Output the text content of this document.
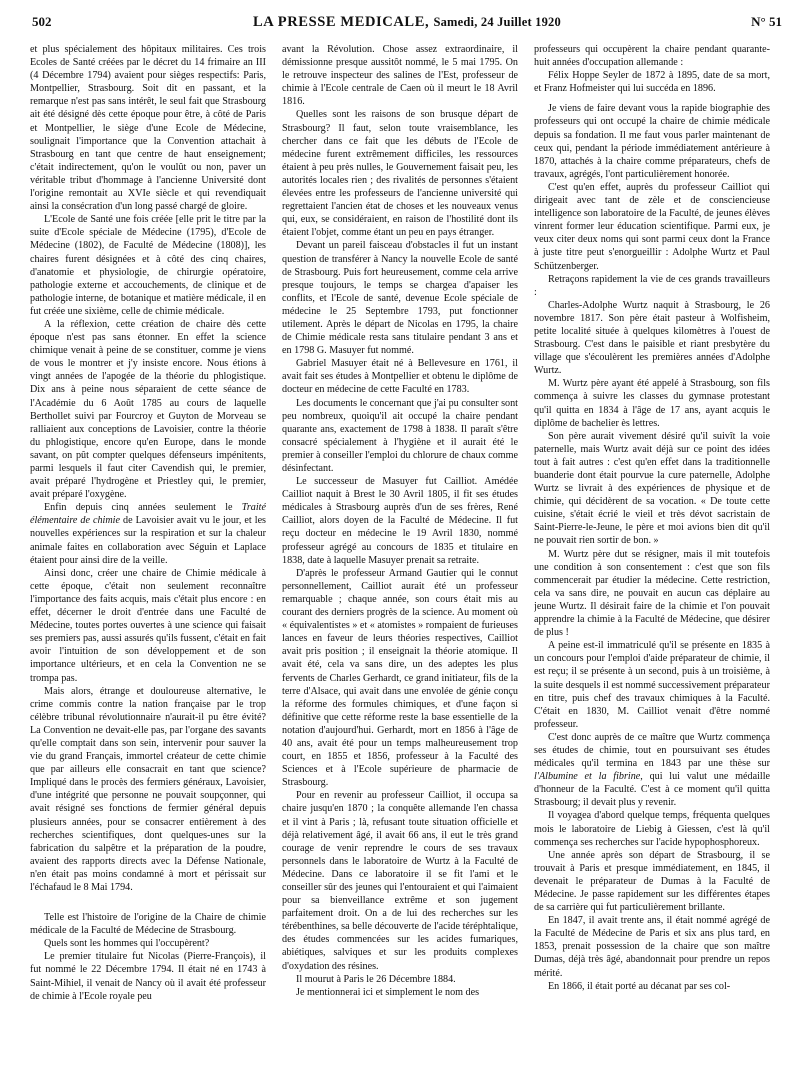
502	LA PRESSE MEDICALE, Samedi, 24 Juillet 1920	N° 51

et plus spécialement des hôpitaux militaires. Ces trois Ecoles de Santé créées par le décret du 14 frimaire an III (4 Décembre 1794) avaient pour sièges respectifs: Paris, Montpellier, Strasbourg. Soit dit en passant, et la remarque n'est pas sans intérêt, le seul fait que Strasbourg ait été désigné dès cette époque pour être, à côté de Paris et Montpellier, le siège d'une Ecole de Médecine, soulignait l'importance que la Convention attachait à Strasbourg en tant que centre de haut enseignement; c'était indirectement, qu'on le voulût ou non, paver un véritable tribut d'hommage à l'ancienne Université dont l'origine remontait au XVIe siècle et qui revendiquait ainsi la consécration d'un long passé chargé de gloire.

L'Ecole de Santé une fois créée [elle prit le titre par la suite d'Ecole spéciale de Médecine (1795), d'Ecole de Médecine (1802), de Faculté de Médecine (1808)], les chaires furent désignées et à côté des cinq chaires, d'anatomie et physiologie, de chirurgie opératoire, pathologie externe et accouchements, de clinique et de pathologie interne, de botanique et matière médicale, il en fut créée une sixième, celle de chimie médicale.

A la réflexion, cette création de chaire dès cette époque n'est pas sans étonner. En effet la science chimique venait à peine de se constituer, comme je viens de vous le montrer et j'y insiste encore. Nous étions à vingt années de l'apogée de la théorie du phlogistique. Dix ans à peine nous séparaient de cette séance de l'Académie du 6 Août 1785 au cours de laquelle Berthollet suivi par Fourcroy et Guyton de Morveau se ralliaient aux conceptions de Lavoisier, contre la théorie du phlogistique, encore qu'en Europe, dans le monde savant, on pût compter quelques défenseurs impénitents, parmi lesquels il faut citer Cavendish qui, le premier, avait préparé l'hydrogène et Priestley qui, le premier, avait préparé l'oxygène.

Enfin depuis cinq années seulement le Traité élémentaire de chimie de Lavoisier avait vu le jour, et les nouvelles expériences sur la respiration et sur la chaleur animale faites en collaboration avec Séguin et Laplace étaient pour ainsi dire de la veille.

Ainsi donc, créer une chaire de Chimie médicale à cette époque, c'était non seulement reconnaître l'importance des faits acquis, mais c'était plus encore : en effet, décerner le droit d'entrée dans une Faculté de Médecine, toutes portes ouvertes à une science qui faisait ses premiers pas, aussi assurés qu'ils fussent, c'était en fait avoir l'intuition de son développement et de son importance ultérieurs, et en cela la Convention ne se trompa pas.

Mais alors, étrange et douloureuse alternative, le crime commis contre la nation française par le trop célèbre tribunal révolutionnaire n'aurait-il pu être évité? La Convention ne devait-elle pas, par l'organe des savants qu'elle comptait dans son sein, intervenir pour sauver la vie du grand Français, immortel créateur de cette chimie que par ailleurs elle consacrait en tant que science? Impliqué dans le procès des fermiers généraux, Lavoisier, d'une intégrité que personne ne pouvait soupçonner, qui avait résigné ses fonctions de fermier général depuis plusieurs années, pour se consacrer entièrement à des recherches scientifiques, dont quelques-unes sur la fabrication du salpêtre et la préparation de la poudre, avaient des rapports directs avec la Défense Nationale, n'en était pas moins condamné à mort et périssait sur l'échafaud le 8 Mai 1794.

Telle est l'histoire de l'origine de la Chaire de chimie médicale de la Faculté de Médecine de Strasbourg.

Quels sont les hommes qui l'occupèrent?

Le premier titulaire fut Nicolas (Pierre-François), il fut nommé le 22 Décembre 1794. Il était né en 1743 à Saint-Mihiel, il venait de Nancy où il avait été professeur de chimie à l'Ecole royale peu

avant la Révolution. Chose assez extraordinaire, il démissionne presque aussitôt nommé, le 5 mai 1795. On le retrouve inspecteur des salines de l'Est, professeur de chimie à l'Ecole centrale de Caen où il meurt le 18 Avril 1816.

Quelles sont les raisons de son brusque départ de Strasbourg? Il faut, selon toute vraisemblance, les chercher dans ce fait que les débuts de l'Ecole de médecine furent extrêmement difficiles, les ressources étaient à peu près nulles, le Gouvernement faisait peu, les autorités locales rien ; des rivalités de personnes s'étaient élevées entre les professeurs de l'ancienne université qui regrettaient l'ancien état de choses et les nouveaux venus qui, eux, se considéraient, en raison de l'hostilité dont ils étaient l'objet, comme étant un peu en pays étranger.

Devant un pareil faisceau d'obstacles il fut un instant question de transférer à Nancy la nouvelle Ecole de santé de Strasbourg. Puis fort heureusement, comme cela arrive presque toujours, le temps se chargea d'apaiser les conflits, et l'Ecole de santé, devenue Ecole spéciale de médecine le 25 Septembre 1793, put fonctionner utilement. Après le départ de Nicolas en 1795, la chaire de Chimie médicale resta sans titulaire pendant 3 ans et en 1798 G. Masuyer fut nommé.

Gabriel Masuyer était né à Bellevesure en 1761, il avait fait ses études à Montpellier et obtenu le diplôme de docteur en médecine de cette Faculté en 1783.

Les documents le concernant que j'ai pu consulter sont peu nombreux, quoiqu'il ait occupé la chaire pendant quarante ans, exactement de 1798 à 1838. Il paraît s'être consacré spécialement à l'hygiène et il aurait été le premier à conseiller l'emploi du chlorure de chaux comme désinfectant.

Le successeur de Masuyer fut Cailliot. Amédée Cailliot naquit à Brest le 30 Avril 1805, il fit ses études médicales à Strasbourg auprès d'un de ses frères, René Cailliot, alors doyen de la Faculté de Médecine. Il fut reçu docteur en médecine le 19 Avril 1830, nommé professeur agrégé au concours de 1835 et titulaire en 1838, date à laquelle Masuyer prenait sa retraite.

D'après le professeur Armand Gautier qui le connut personnellement, Cailliot aurait été un professeur remarquable ; chaque année, son cours était mis au courant des derniers progrès de la science. Au moment où « équivalentistes » et « atomistes » rompaient de furieuses lances en faveur de leurs théories respectives, Cailliot avait pris position ; il enseignait la théorie atomique. Il avait été, cela va sans dire, un des adeptes les plus fervents de Charles Gerhardt, ce grand initiateur, fils de la terre d'Alsace, qui avait dans une envolée de génie conçu la réforme des formules chimiques, et d'une façon si définitive que cette réforme reste la base essentielle de la notation d'aujourd'hui. Gerhardt, mort en 1856 à l'âge de 40 ans, avait été pour un temps malheureusement trop court, en 1855 et 1856, professeur à la Faculté des Sciences et à l'Ecole supérieure de pharmacie de Strasbourg.

Pour en revenir au professeur Cailliot, il occupa sa chaire jusqu'en 1870 ; la conquête allemande l'en chassa et il vint à Paris ; là, refusant toute situation officielle et déjà relativement âgé, il avait 66 ans, il eut le très grand courage de venir reprendre le cours de ses travaux personnels dans le laboratoire de Wurtz à la Faculté de Médecine. Dans ce laboratoire il se fit l'ami et le conseiller sûr des jeunes qui l'entouraient et qui l'aimaient pour sa bienveillance extrême et son jugement parfaitement droit. On a de lui des recherches sur les térébenthines, sa belle découverte de l'acide téréphtalique, des études commencées sur les acides fumariques, abiétiques, salviques et sur les produits complexes d'oxydation des résines.

Il mourut à Paris le 26 Décembre 1884.

Je mentionnerai ici et simplement le nom des

professeurs qui occupèrent la chaire pendant quarante-huit années d'occupation allemande :

Félix Hoppe Seyler de 1872 à 1895, date de sa mort, et Franz Hofmeister qui lui succéda en 1896.

Je viens de faire devant vous la rapide biographie des professeurs qui ont occupé la chaire de chimie médicale depuis sa fondation. Il me faut vous parler maintenant de ceux qui, pendant la période immédiatement antérieure à 1870, attachés à la chaire comme préparateurs, chefs de travaux, agrégés, l'ont particulièrement honorée.

C'est qu'en effet, auprès du professeur Cailliot qui dirigeait avec tant de zèle et de consciencieuse intelligence son laboratoire de la Faculté, de jeunes élèves vinrent former leur éducation scientifique. Parmi eux, je veux citer deux noms qui sont parmi ceux dont la France à juste titre peut s'enorgueillir : Adolphe Wurtz et Paul Schützenberger.

Retraçons rapidement la vie de ces grands travailleurs :

Charles-Adolphe Wurtz naquit à Strasbourg, le 26 novembre 1817. Son père était pasteur à Wolfisheim, petite localité située à quelques kilomètres à l'ouest de Strasbourg. C'est dans le paisible et riant presbytère du village que s'écoulèrent les premières années d'Adolphe Wurtz.

M. Wurtz père ayant été appelé à Strasbourg, son fils commença à suivre les classes du gymnase protestant qu'il quitta en 1834 à l'âge de 17 ans, ayant acquis le diplôme de bachelier ès lettres.

Son père aurait vivement désiré qu'il suivît la voie paternelle, mais Wurtz avait déjà sur ce point des idées tout à fait autres : c'est qu'en effet dans la traditionnelle buanderie dont était pourvue la cure paternelle, Adolphe Wurtz se livrait à des expériences de physique et de chimie, qui décidèrent de sa vocation. « De toute cette cuisine, s'était écrié le vieil et très dévot sacristain de Saint-Pierre-le-Jeune, le père et moi avions bien dit qu'il ne pouvait rien sortir de bon. »

M. Wurtz père dut se résigner, mais il mit toutefois une condition à son consentement : c'est que son fils commencerait par étudier la médecine. Cette restriction, cela va sans dire, ne pouvait en aucun cas déplaire au jeune Wurtz. Il désirait faire de la chimie et l'on pouvait apprendre la chimie à la Faculté de Médecine, que désirer de plus !

A peine est-il immatriculé qu'il se présente en 1835 à un concours pour l'emploi d'aide préparateur de chimie, il est reçu; il se présente à un second, puis à un troisième, à la suite desquels il est nommé successivement préparateur en titre, puis chef des travaux chimiques à la Faculté. C'était en 1830, M. Cailliot venait d'être nommé professeur.

C'est donc auprès de ce maître que Wurtz commença ses études de chimie, tout en poursuivant ses études médicales qu'il termina en 1843 par une thèse sur l'Albumine et la fibrine, qui lui valut une médaille d'honneur de la Faculté. C'est à ce moment qu'il quitta Strasbourg; il devait plus y revenir.

Il voyagea d'abord quelque temps, fréquenta quelques mois le laboratoire de Liebig à Giessen, c'est là qu'il commença ses recherches sur l'acide hypophosphoreux.

Une année après son départ de Strasbourg, il se trouvait à Paris et presque immédiatement, en 1845, il devenait le préparateur de Dumas à la Faculté de Médecine. Je passe rapidement sur les différentes étapes de sa carrière qui fut particulièrement brillante.

En 1847, il avait trente ans, il était nommé agrégé de la Faculté de Médecine de Paris et six ans plus tard, en 1853, prenait possession de la chaire que son maître Dumas, déjà très âgé, abandonnait pour prendre un repos mérité.

En 1866, il était porté au décanat par ses col-
